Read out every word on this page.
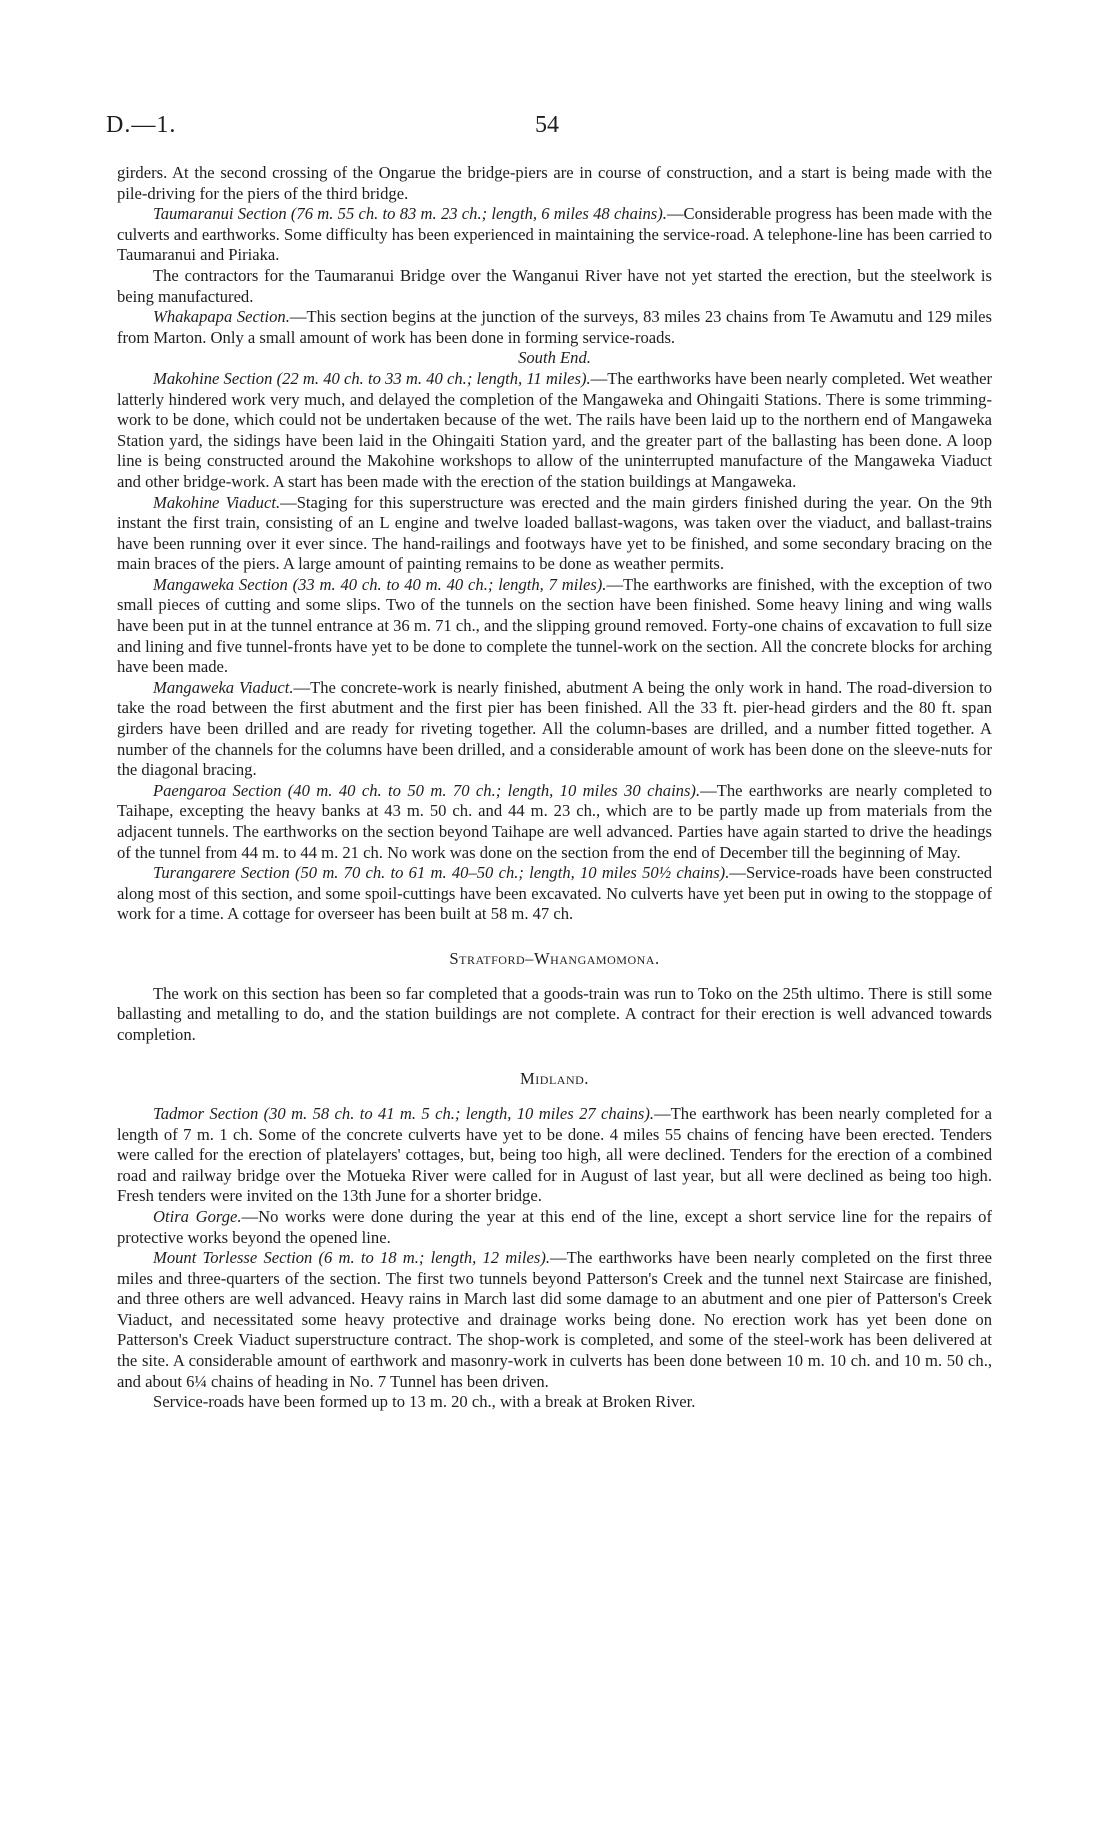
D.—1.	54

girders. At the second crossing of the Ongarue the bridge-piers are in course of construction, and a start is being made with the pile-driving for the piers of the third bridge.

Taumaranui Section (76 m. 55 ch. to 83 m. 23 ch.; length, 6 miles 48 chains).—Considerable progress has been made with the culverts and earthworks. Some difficulty has been experienced in maintaining the service-road. A telephone-line has been carried to Taumaranui and Piriaka.

The contractors for the Taumaranui Bridge over the Wanganui River have not yet started the erection, but the steelwork is being manufactured.

Whakapapa Section.—This section begins at the junction of the surveys, 83 miles 23 chains from Te Awamutu and 129 miles from Marton. Only a small amount of work has been done in forming service-roads.

South End.

Makohine Section (22 m. 40 ch. to 33 m. 40 ch.; length, 11 miles).—The earthworks have been nearly completed. Wet weather latterly hindered work very much, and delayed the completion of the Mangaweka and Ohingaiti Stations. There is some trimming-work to be done, which could not be undertaken because of the wet. The rails have been laid up to the northern end of Mangaweka Station yard, the sidings have been laid in the Ohingaiti Station yard, and the greater part of the ballasting has been done. A loop line is being constructed around the Makohine workshops to allow of the uninterrupted manufacture of the Mangaweka Viaduct and other bridge-work. A start has been made with the erection of the station buildings at Mangaweka.

Makohine Viaduct.—Staging for this superstructure was erected and the main girders finished during the year. On the 9th instant the first train, consisting of an L engine and twelve loaded ballast-wagons, was taken over the viaduct, and ballast-trains have been running over it ever since. The hand-railings and footways have yet to be finished, and some secondary bracing on the main braces of the piers. A large amount of painting remains to be done as weather permits.

Mangaweka Section (33 m. 40 ch. to 40 m. 40 ch.; length, 7 miles).—The earthworks are finished, with the exception of two small pieces of cutting and some slips. Two of the tunnels on the section have been finished. Some heavy lining and wing walls have been put in at the tunnel entrance at 36 m. 71 ch., and the slipping ground removed. Forty-one chains of excavation to full size and lining and five tunnel-fronts have yet to be done to complete the tunnel-work on the section. All the concrete blocks for arching have been made.

Mangaweka Viaduct.—The concrete-work is nearly finished, abutment A being the only work in hand. The road-diversion to take the road between the first abutment and the first pier has been finished. All the 33 ft. pier-head girders and the 80 ft. span girders have been drilled and are ready for riveting together. All the column-bases are drilled, and a number fitted together. A number of the channels for the columns have been drilled, and a considerable amount of work has been done on the sleeve-nuts for the diagonal bracing.

Paengaroa Section (40 m. 40 ch. to 50 m. 70 ch.; length, 10 miles 30 chains).—The earthworks are nearly completed to Taihape, excepting the heavy banks at 43 m. 50 ch. and 44 m. 23 ch., which are to be partly made up from materials from the adjacent tunnels. The earthworks on the section beyond Taihape are well advanced. Parties have again started to drive the headings of the tunnel from 44 m. to 44 m. 21 ch. No work was done on the section from the end of December till the beginning of May.

Turangarere Section (50 m. 70 ch. to 61 m. 40–50 ch.; length, 10 miles 50½ chains).—Service-roads have been constructed along most of this section, and some spoil-cuttings have been excavated. No culverts have yet been put in owing to the stoppage of work for a time. A cottage for overseer has been built at 58 m. 47 ch.

Stratford–Whangamomona.

The work on this section has been so far completed that a goods-train was run to Toko on the 25th ultimo. There is still some ballasting and metalling to do, and the station buildings are not complete. A contract for their erection is well advanced towards completion.

Midland.

Tadmor Section (30 m. 58 ch. to 41 m. 5 ch.; length, 10 miles 27 chains).—The earthwork has been nearly completed for a length of 7 m. 1 ch. Some of the concrete culverts have yet to be done. 4 miles 55 chains of fencing have been erected. Tenders were called for the erection of platelayers' cottages, but, being too high, all were declined. Tenders for the erection of a combined road and railway bridge over the Motueka River were called for in August of last year, but all were declined as being too high. Fresh tenders were invited on the 13th June for a shorter bridge.

Otira Gorge.—No works were done during the year at this end of the line, except a short service line for the repairs of protective works beyond the opened line.

Mount Torlesse Section (6 m. to 18 m.; length, 12 miles).—The earthworks have been nearly completed on the first three miles and three-quarters of the section. The first two tunnels beyond Patterson's Creek and the tunnel next Staircase are finished, and three others are well advanced. Heavy rains in March last did some damage to an abutment and one pier of Patterson's Creek Viaduct, and necessitated some heavy protective and drainage works being done. No erection work has yet been done on Patterson's Creek Viaduct superstructure contract. The shop-work is completed, and some of the steel-work has been delivered at the site. A considerable amount of earthwork and masonry-work in culverts has been done between 10 m. 10 ch. and 10 m. 50 ch., and about 6¼ chains of heading in No. 7 Tunnel has been driven.

Service-roads have been formed up to 13 m. 20 ch., with a break at Broken River.
